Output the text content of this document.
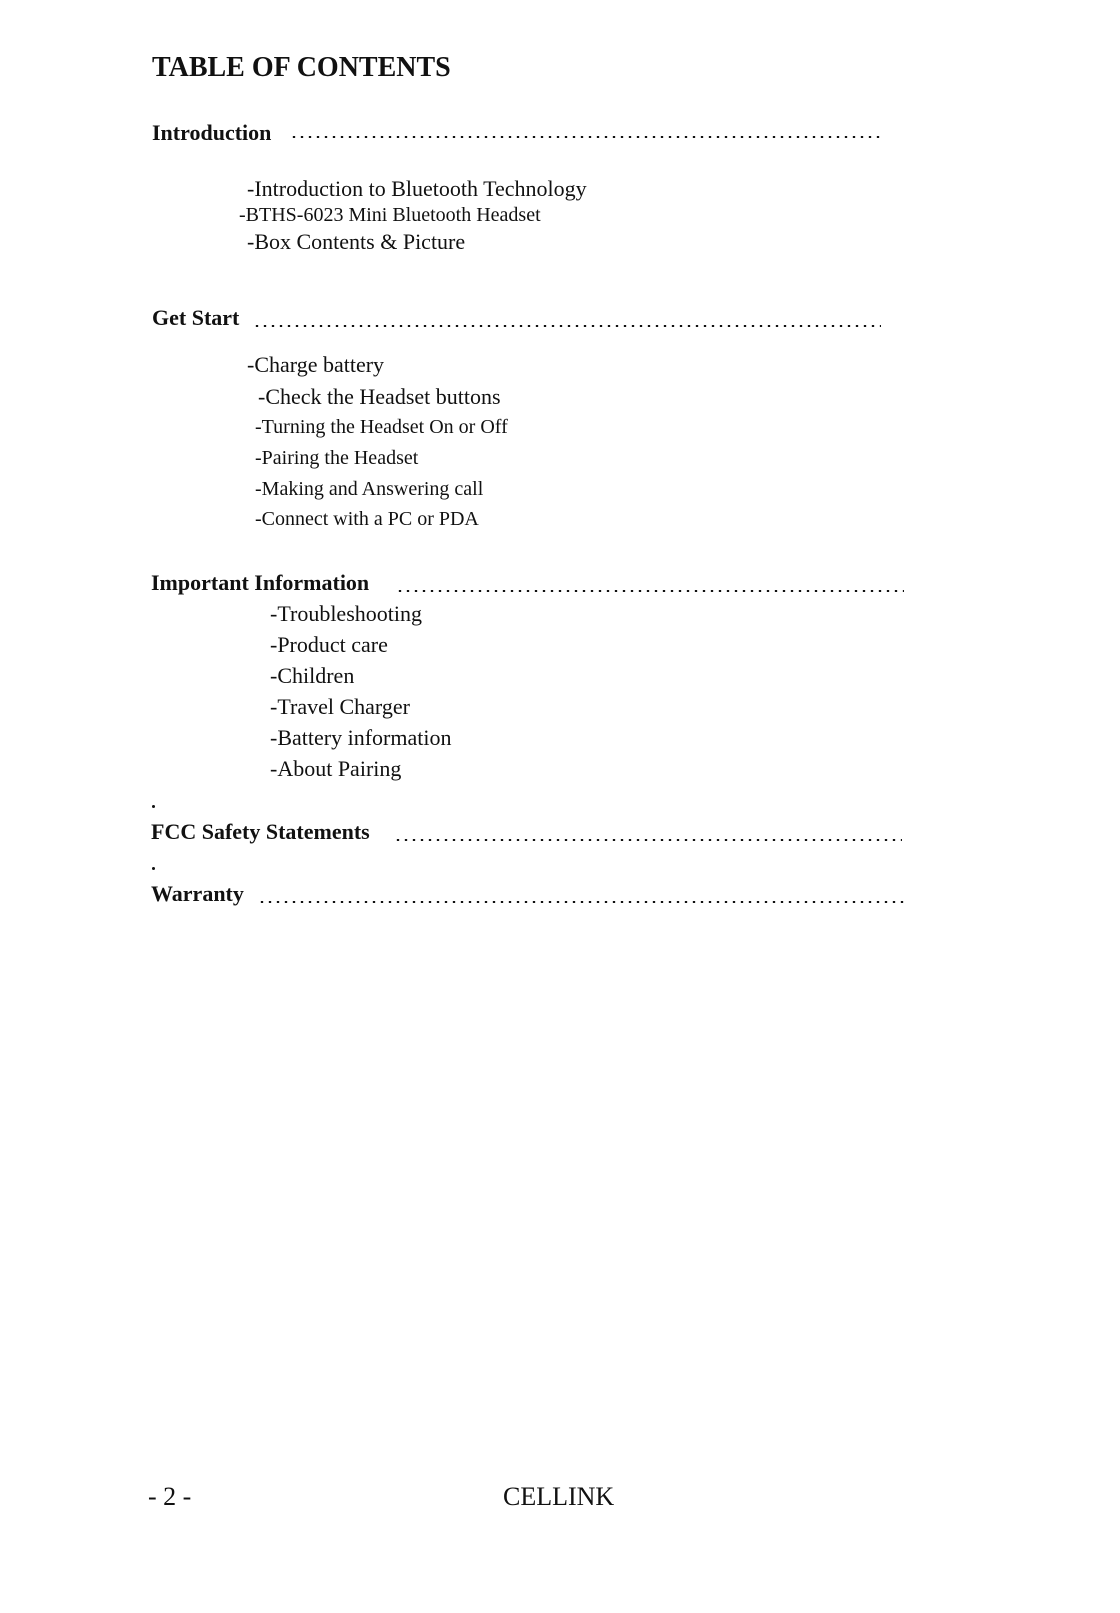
TABLE OF CONTENTS
Introduction
-Introduction to Bluetooth Technology
-BTHS-6023 Mini Bluetooth Headset
-Box Contents & Picture
Get Start
-Charge battery
-Check the Headset buttons
-Turning the Headset On or Off
-Pairing the Headset
-Making and Answering call
-Connect with a PC or PDA
Important Information
-Troubleshooting
-Product care
-Children
-Travel Charger
-Battery information
-About Pairing
FCC Safety Statements
Warranty
- 2 -	CELLINK
